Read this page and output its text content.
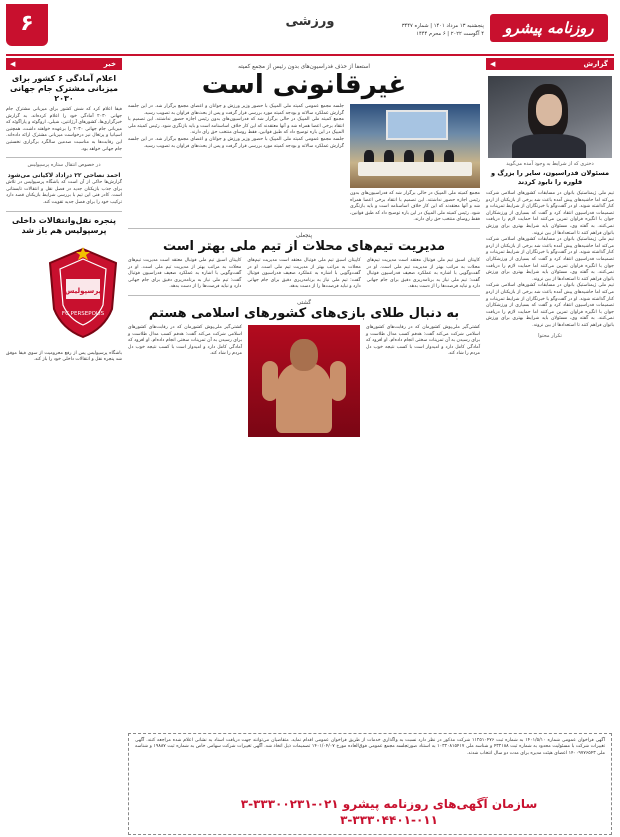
۶	ورزشی	پنجشنبه ۱۳ مرداد ۱۴۰۱ | شماره ۳۴۴۷
۴ آگوست ۲۰۲۲ | ۶ محرم ۱۴۴۴	روزنامه پیشرو
خبر
◀
اعلام آمادگی ۶ کشور برای میزبانی مشترک جام جهانی ۲۰۳۰
فیفا اعلام کرد که شش کشور برای میزبانی مشترک جام جهانی ۲۰۳۰ آمادگی خود را اعلام کرده‌اند. به گزارش خبرگزاری‌ها، کشورهای آرژانتین، شیلی، اروگوئه و پاراگوئه که میزبانی جام جهانی ۲۰۳۰ را برعهده خواهند داشت، همچنین اسپانیا و پرتغال نیز درخواست میزبانی مشترک ارائه داده‌اند. این رقابت‌ها به مناسبت صدمین سالگرد برگزاری نخستین جام جهانی خواهد بود.
در خصوص انتقال ستاره پرسپولیس
احمد نصاحی ۲۲ دراداد لاکیانی می‌شود
گزارش‌ها حاکی از آن است که باشگاه پرسپولیس در تلاش برای جذب بازیکنان جدید در فصل نقل و انتقالات تابستانی است. کادر فنی این تیم با بررسی شرایط بازیکنان قصد دارد ترکیب خود را برای فصل جدید تقویت کند.
پنجره نقل‌وانتقالات داخلی پرسپولیس هم باز شد
پرسپولیس
FC PERSEPOLIS
باشگاه پرسپولیس پس از رفع محرومیت از سوی فیفا موفق شد پنجره نقل و انتقالات داخلی خود را باز کند.
گزارش
◀
دختری که از شرایط به وجود آمده می‌گوید
مسئولان فدراسیون، سایر را بزرگ و فلوره را نابود کردند
تیم ملی ژیمناستیک بانوان در مسابقات کشورهای اسلامی شرکت می‌کند اما حاشیه‌های پیش آمده باعث شد برخی از بازیکنان از اردو کنار گذاشته شوند. او در گفت‌وگو با خبرنگاران از شرایط تمرینات و تصمیمات فدراسیون انتقاد کرد و گفت که بسیاری از ورزشکاران جوان با انگیزه فراوان تمرین می‌کنند اما حمایت لازم را دریافت نمی‌کنند. به گفته وی، مسئولان باید شرایط بهتری برای ورزش بانوان فراهم کنند تا استعدادها از بین نروند.
تیم ملی ژیمناستیک بانوان در مسابقات کشورهای اسلامی شرکت می‌کند اما حاشیه‌های پیش آمده باعث شد برخی از بازیکنان از اردو کنار گذاشته شوند. او در گفت‌وگو با خبرنگاران از شرایط تمرینات و تصمیمات فدراسیون انتقاد کرد و گفت که بسیاری از ورزشکاران جوان با انگیزه فراوان تمرین می‌کنند اما حمایت لازم را دریافت نمی‌کنند. به گفته وی، مسئولان باید شرایط بهتری برای ورزش بانوان فراهم کنند تا استعدادها از بین نروند.
تیم ملی ژیمناستیک بانوان در مسابقات کشورهای اسلامی شرکت می‌کند اما حاشیه‌های پیش آمده باعث شد برخی از بازیکنان از اردو کنار گذاشته شوند. او در گفت‌وگو با خبرنگاران از شرایط تمرینات و تصمیمات فدراسیون انتقاد کرد و گفت که بسیاری از ورزشکاران جوان با انگیزه فراوان تمرین می‌کنند اما حمایت لازم را دریافت نمی‌کنند. به گفته وی، مسئولان باید شرایط بهتری برای ورزش بانوان فراهم کنند تا استعدادها از بین نروند.
تکرار محتوا
استعفا از حذف فدراسیون‌های بدون رئیس از مجمع کمیته
غیرقانونی است
مجمع کمیته ملی المپیک در حالی برگزار شد که فدراسیون‌های بدون رئیس اجازه حضور نداشتند. این تصمیم با انتقاد برخی اعضا همراه شد و آنها معتقدند که این کار خلاف اساسنامه است و باید بازنگری شود. رئیس کمیته ملی المپیک در این باره توضیح داد که طبق قوانین، فقط روسای منتخب حق رای دارند.
جلسه مجمع عمومی کمیته ملی المپیک با حضور وزیر ورزش و جوانان و اعضای مجمع برگزار شد. در این جلسه گزارش عملکرد سالانه و بودجه کمیته مورد بررسی قرار گرفت و پس از بحث‌های فراوان به تصویب رسید.
مجمع کمیته ملی المپیک در حالی برگزار شد که فدراسیون‌های بدون رئیس اجازه حضور نداشتند. این تصمیم با انتقاد برخی اعضا همراه شد و آنها معتقدند که این کار خلاف اساسنامه است و باید بازنگری شود. رئیس کمیته ملی المپیک در این باره توضیح داد که طبق قوانین، فقط روسای منتخب حق رای دارند.
جلسه مجمع عمومی کمیته ملی المپیک با حضور وزیر ورزش و جوانان و اعضای مجمع برگزار شد. در این جلسه گزارش عملکرد سالانه و بودجه کمیته مورد بررسی قرار گرفت و پس از بحث‌های فراوان به تصویب رسید.
پنجعلی
مدیریت تیم‌های محلات از تیم ملی بهتر است
کاپیتان اسبق تیم ملی فوتبال معتقد است مدیریت تیم‌های محلات به مراتب بهتر از مدیریت تیم ملی است. او در گفت‌وگویی با اشاره به عملکرد ضعیف فدراسیون فوتبال گفت: تیم ملی نیاز به برنامه‌ریزی دقیق برای جام جهانی دارد و نباید فرصت‌ها را از دست بدهد.
کاپیتان اسبق تیم ملی فوتبال معتقد است مدیریت تیم‌های محلات به مراتب بهتر از مدیریت تیم ملی است. او در گفت‌وگویی با اشاره به عملکرد ضعیف فدراسیون فوتبال گفت: تیم ملی نیاز به برنامه‌ریزی دقیق برای جام جهانی دارد و نباید فرصت‌ها را از دست بدهد.
کاپیتان اسبق تیم ملی فوتبال معتقد است مدیریت تیم‌های محلات به مراتب بهتر از مدیریت تیم ملی است. او در گفت‌وگویی با اشاره به عملکرد ضعیف فدراسیون فوتبال گفت: تیم ملی نیاز به برنامه‌ریزی دقیق برای جام جهانی دارد و نباید فرصت‌ها را از دست بدهد.
گشتی
به دنبال طلای بازی‌های کشورهای اسلامی هستم
کشتی‌گیر ملی‌پوش کشورمان که در رقابت‌های کشورهای اسلامی شرکت می‌کند گفت: هدفم کسب مدال طلاست و برای رسیدن به آن تمرینات سختی انجام داده‌ام. او افزود که آمادگی کامل دارد و امیدوار است با کسب نتیجه خوب دل مردم را شاد کند.
کشتی‌گیر ملی‌پوش کشورمان که در رقابت‌های کشورهای اسلامی شرکت می‌کند گفت: هدفم کسب مدال طلاست و برای رسیدن به آن تمرینات سختی انجام داده‌ام. او افزود که آمادگی کامل دارد و امیدوار است با کسب نتیجه خوب دل مردم را شاد کند.
آگهی فراخوان عمومی شماره ۱۴۰۱/۵/۱۰ به شماره ثبت ۱۱۲۵۱۰۴۷۶ شرکت مذکور در نظر دارد نسبت به واگذاری خدمات از طریق فراخوان عمومی اقدام نماید. متقاضیان می‌توانند جهت دریافت اسناد به نشانی اعلام شده مراجعه کنند. آگهی تغییرات شرکت با مسئولیت محدود به شماره ثبت ۴۳۲۱۸۸ و شناسه ملی ۱۰۳۲۰۸۱۵۴۱۷ به استناد صورتجلسه مجمع عمومی فوق‌العاده مورخ ۱۴۰۱/۰۴/۰۷ تصمیمات ذیل اتخاذ شد. آگهی تغییرات شرکت سهامی خاص به شماره ثبت ۱۹۸۸۷ و شناسه ملی ۱۴۰۰۹۷۷۶۵۴۳ اعضای هیئت مدیره برای مدت دو سال انتخاب شدند.
سازمان آگهی‌های روزنامه پیشرو ۰۲۱-۳۳۳۰۰۲۳۱-۳ ۰۱۱-۳۳۳۰۴۴۰۱-۳
